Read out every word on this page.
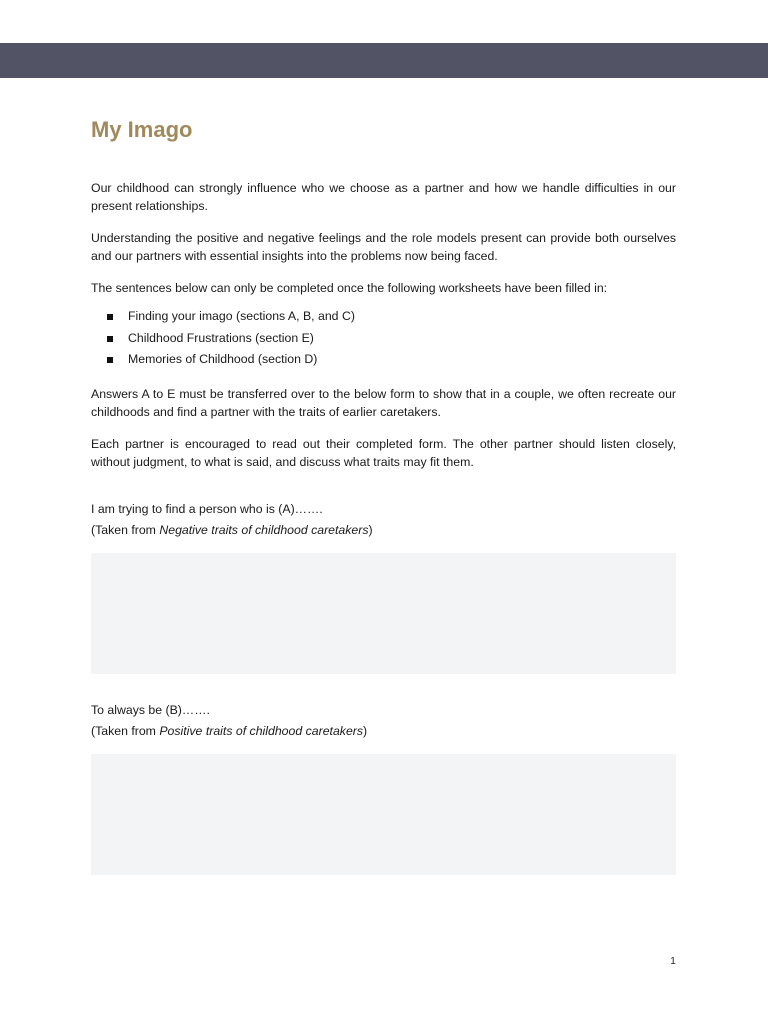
My Imago

Our childhood can strongly influence who we choose as a partner and how we handle difficulties in our present relationships.

Understanding the positive and negative feelings and the role models present can provide both ourselves and our partners with essential insights into the problems now being faced.

The sentences below can only be completed once the following worksheets have been filled in:

Finding your imago (sections A, B, and C)
Childhood Frustrations (section E)
Memories of Childhood (section D)

Answers A to E must be transferred over to the below form to show that in a couple, we often recreate our childhoods and find a partner with the traits of earlier caretakers.

Each partner is encouraged to read out their completed form. The other partner should listen closely, without judgment, to what is said, and discuss what traits may fit them.

I am trying to find a person who is (A)…….

(Taken from Negative traits of childhood caretakers)

To always be (B)…….

(Taken from Positive traits of childhood caretakers)

1
